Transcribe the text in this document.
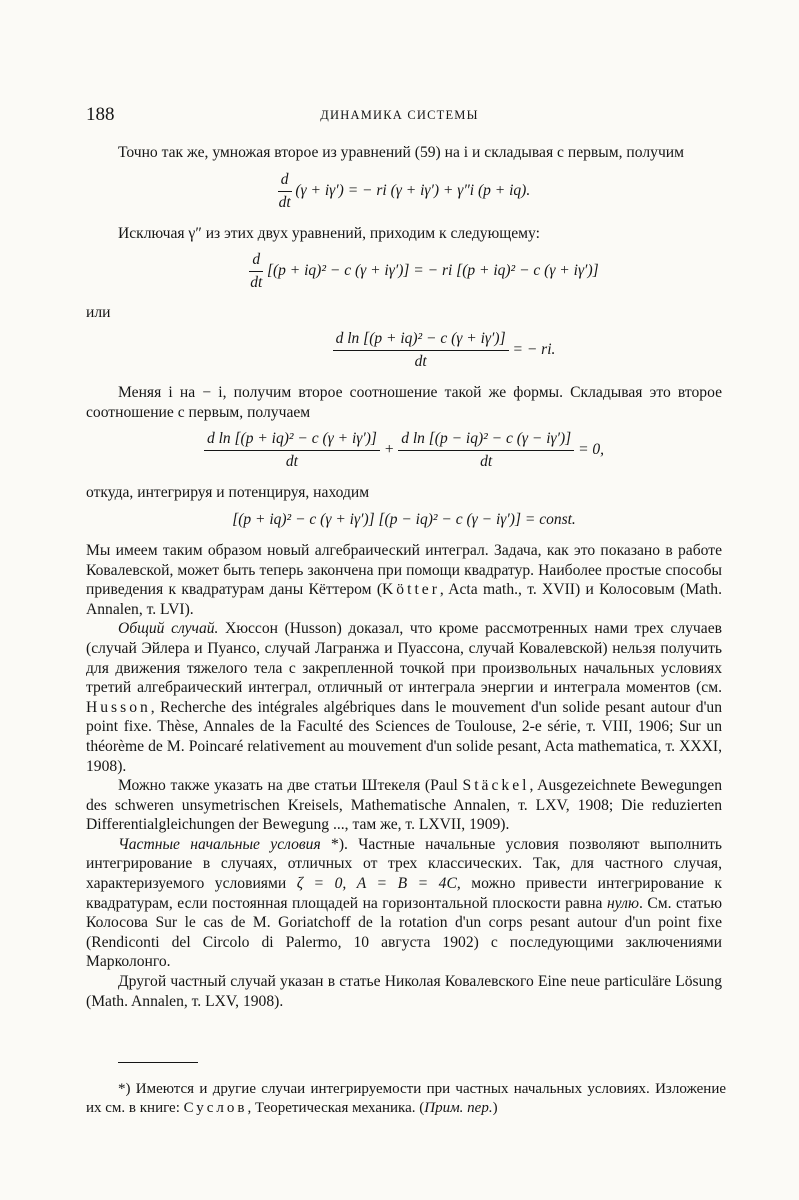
188	ДИНАМИКА СИСТЕМЫ

Точно так же, умножая второе из уравнений (59) на i и складывая с первым, получим

$\frac{d}{dt} (\gamma + i\gamma')$ = − ri (γ + iγ′) + γ″i (p + iq).

Исключая γ″ из этих двух уравнений, приходим к следующему:

$\frac{d}{dt} [(p + iq)^2 - c$ (γ + iγ′)] = − ri [(p + iq)² − c (γ + iγ′)]
или
$\frac{\text{d ln [(p + iq)² − c (γ + iγ′)]}}{dt}$ = − ri.

Меняя i на − i, получим второе соотношение такой же формы. Складывая это второе соотношение с первым, получаем

$\frac{\text{d ln [(p + iq)² − c (γ + iγ′)]}}{dt} + \frac{\text{d ln [(p − iq)² − c (γ − iγ′)]}}{dt} = 0$,

откуда, интегрируя и потенцируя, находим

[(p + iq)² − c (γ + iγ′)] [(p − iq)² − c (γ − iγ′)] = const.

Мы имеем таким образом новый алгебраический интеграл. Задача, как это показано в работе Ковалевской, может быть теперь закончена при помощи квадратур. Наиболее простые способы приведения к квадратурам даны Кёттером (Kötter, Acta math., т. XVII) и Колосовым (Math. Annalen, т. LVI).

Общий случай. Хюссон (Husson) доказал, что кроме рассмотренных нами трех случаев (случай Эйлера и Пуансо, случай Лагранжа и Пуассона, случай Ковалевской) нельзя получить для движения тяжелого тела с закрепленной точкой при произвольных начальных условиях третий алгебраический интеграл, отличный от интеграла энергии и интеграла моментов (см. Husson, Recherche des intégrales algébriques dans le mouvement d'un solide pesant autour d'un point fixe. Thèse, Annales de la Faculté des Sciences de Toulouse, 2-e série, т. VIII, 1906; Sur un théorème de M. Poincaré relativement au mouvement d'un solide pesant, Acta mathematica, т. XXXI, 1908).

Можно также указать на две статьи Штекеля (Paul Stäckel, Ausgezeichnete Bewegungen des schweren unsymetrischen Kreisels, Mathematische Annalen, т. LXV, 1908; Die reduzierten Differentialgleichungen der Bewegung ..., там же, т. LXVII, 1909).

Частные начальные условия *). Частные начальные условия позволяют выполнить интегрирование в случаях, отличных от трех классических. Так, для частного случая, характеризуемого условиями ζ = 0, A = B = 4C, можно привести интегрирование к квадратурам, если постоянная площадей на горизонтальной плоскости равна нулю. См. статью Колосова Sur le cas de M. Goriatchoff de la rotation d'un corps pesant autour d'un point fixe (Rendiconti del Circolo di Palermo, 10 августа 1902) с последующими заключениями Марколонго.

Другой частный случай указан в статье Николая Ковалевского Eine neue particuläre Lösung (Math. Annalen, т. LXV, 1908).

*) Имеются и другие случаи интегрируемости при частных начальных условиях. Изложение их см. в книге: Суслов, Теоретическая механика. (Прим. пер.)
